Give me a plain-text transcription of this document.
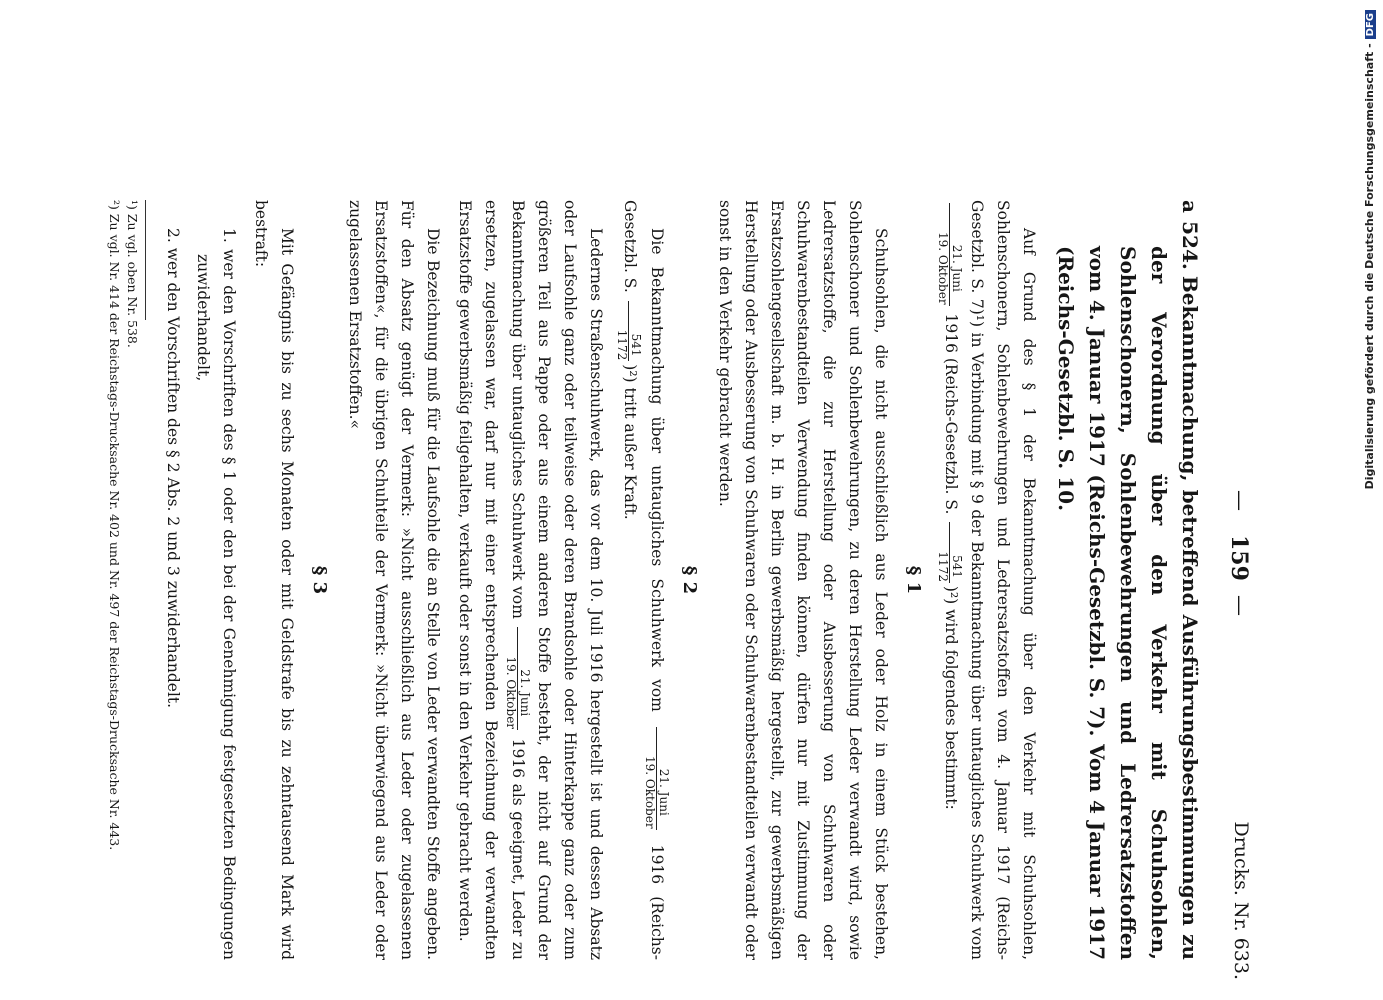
—
159
—
Drucks. Nr. 633.

a 524.Bekanntmachung, betreffend Ausführungsbestimmungen zu der Verordnung über den Verkehr mit Schuhsohlen, Sohlenschonern, Sohlenbewehrungen und Ledrersatzstoffen vom 4. Januar 1917 (Reichs-Gesetzbl. S. 7). Vom 4 Januar 1917 (Reichs-Gesetzbl. S. 10.

Auf Grund des § 1 der Bekanntmachung über den Verkehr mit Schuhsohlen, Sohlenschonern, Sohlenbewehrungen und Ledrersatzstoffen vom 4. Januar 1917 (Reichs-Gesetzbl. S. 7)¹) in Verbindung mit § 9 der Bekanntmachung über untaugliches Schuhwerk vom
21. Juni
19. Oktober
1916 (Reichs-Gesetzbl. S.
541
1172
)²) wird folgendes bestimmt:

§ 1

Schuhsohlen, die nicht ausschließlich aus Leder oder Holz in einem Stück bestehen, Sohlenschoner und Sohlenbewehrungen, zu deren Herstellung Leder verwandt wird, sowie Ledrersatzstoffe, die zur Herstellung oder Ausbesserung von Schuhwaren oder Schuhwarenbestandteilen Verwendung finden können, dürfen nur mit Zustimmung der Ersatzsohlengesellschaft m. b. H. in Berlin gewerbsmäßig hergestellt, zur gewerbsmäßigen Herstellung oder Ausbesserung von Schuhwaren oder Schuhwarenbestandteilen verwandt oder sonst in den Verkehr gebracht werden.

§ 2

Die Bekanntmachung über untaugliches Schuhwerk vom
21. Juni
19. Oktober
1916 (Reichs-Gesetzbl. S.
541
1172
)²) tritt außer Kraft.

Ledernes Straßenschuhwerk, das vor dem 10. Juli 1916 hergestellt ist und dessen Absatz oder Laufsohle ganz oder teilweise oder deren Brandsohle oder Hinterkappe ganz oder zum größeren Teil aus Pappe oder aus einem anderen Stoffe besteht, der nicht auf Grund der Bekanntmachung über untaugliches Schuhwerk vom
21. Juni
19. Oktober
1916 als geeignet, Leder zu ersetzen, zugelassen war, darf nur mit einer entsprechenden Bezeichnung der verwandten Ersatzstoffe gewerbsmäßig feilgehalten, verkauft oder sonst in den Verkehr gebracht werden.

Die Bezeichnung muß für die Laufsohle die an Stelle von Leder verwandten Stoffe angeben. Für den Absatz genügt der Vermerk: »Nicht ausschließlich aus Leder oder zugelassenen Ersatzstoffen«, für die übrigen Schuhteile der Vermerk: »Nicht überwiegend aus Leder oder zugelassenen Ersatzstoffen.«

§ 3

Mit Gefängnis bis zu sechs Monaten oder mit Geldstrafe bis zu zehntausend Mark wird bestraft:

1. wer den Vorschriften des § 1 oder den bei der Genehmigung festgesetzten Bedingungen zuwiderhandelt,

2. wer den Vorschriften des § 2 Abs. 2 und 3 zuwiderhandelt.

¹) Zu vgl. oben Nr. 538.

²) Zu vgl. Nr. 414 der Reichstags-Drucksache Nr. 402 und Nr. 497 der Reichstags-Drucksache Nr. 443.	Digitalisierung gefördert durch die Deutsche Forschungsgemeinschaft -DFG
